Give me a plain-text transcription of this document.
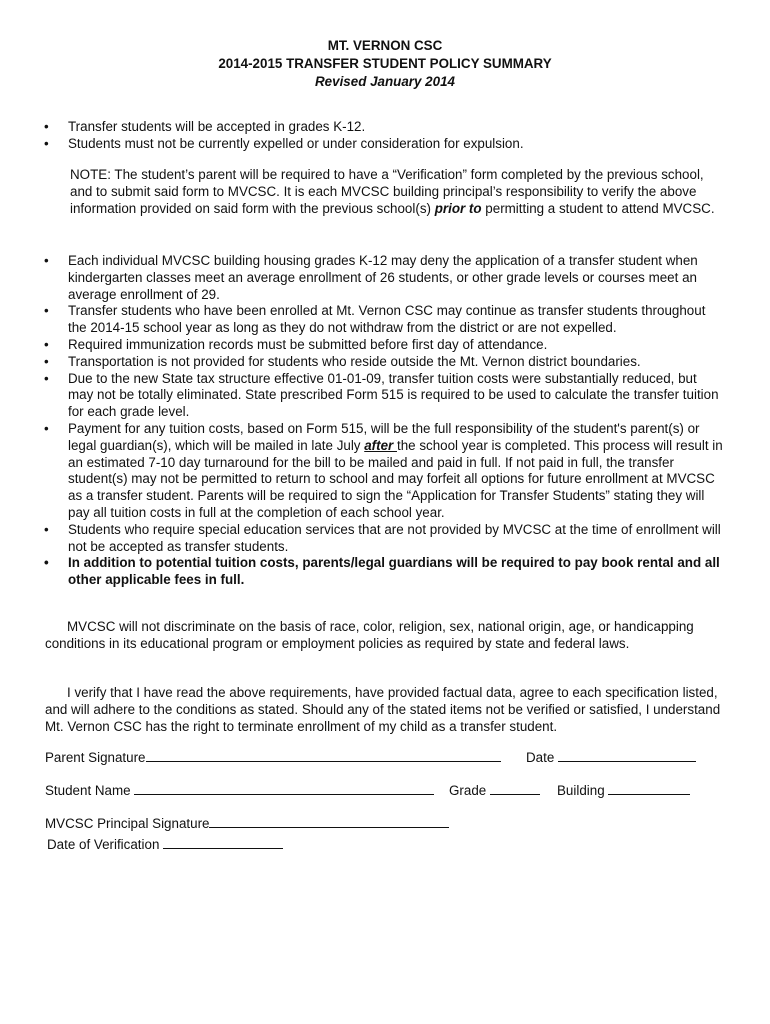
MT. VERNON CSC
2014-2015 TRANSFER STUDENT POLICY SUMMARY
Revised January 2014
• Transfer students will be accepted in grades K-12.
• Students must not be currently expelled or under consideration for expulsion.
NOTE: The student’s parent will be required to have a “Verification” form completed by the previous school, and to submit said form to MVCSC. It is each MVCSC building principal’s responsibility to verify the above information provided on said form with the previous school(s) prior to permitting a student to attend MVCSC.
• Each individual MVCSC building housing grades K-12 may deny the application of a transfer student when kindergarten classes meet an average enrollment of 26 students, or other grade levels or courses meet an average enrollment of 29.
• Transfer students who have been enrolled at Mt. Vernon CSC may continue as transfer students throughout the 2014-15 school year as long as they do not withdraw from the district or are not expelled.
• Required immunization records must be submitted before first day of attendance.
• Transportation is not provided for students who reside outside the Mt. Vernon district boundaries.
• Due to the new State tax structure effective 01-01-09, transfer tuition costs were substantially reduced, but may not be totally eliminated. State prescribed Form 515 is required to be used to calculate the transfer tuition for each grade level.
• Payment for any tuition costs, based on Form 515, will be the full responsibility of the student's parent(s) or legal guardian(s), which will be mailed in late July after the school year is completed. This process will result in an estimated 7-10 day turnaround for the bill to be mailed and paid in full. If not paid in full, the transfer student(s) may not be permitted to return to school and may forfeit all options for future enrollment at MVCSC as a transfer student. Parents will be required to sign the “Application for Transfer Students” stating they will pay all tuition costs in full at the completion of each school year.
• Students who require special education services that are not provided by MVCSC at the time of enrollment will not be accepted as transfer students.
• In addition to potential tuition costs, parents/legal guardians will be required to pay book rental and all other applicable fees in full.
MVCSC will not discriminate on the basis of race, color, religion, sex, national origin, age, or handicapping conditions in its educational program or employment policies as required by state and federal laws.
I verify that I have read the above requirements, have provided factual data, agree to each specification listed, and will adhere to the conditions as stated. Should any of the stated items not be verified or satisfied, I understand Mt. Vernon CSC has the right to terminate enrollment of my child as a transfer student.
Parent Signature	Date
Student Name	Grade	Building
MVCSC Principal Signature
Date of Verification
